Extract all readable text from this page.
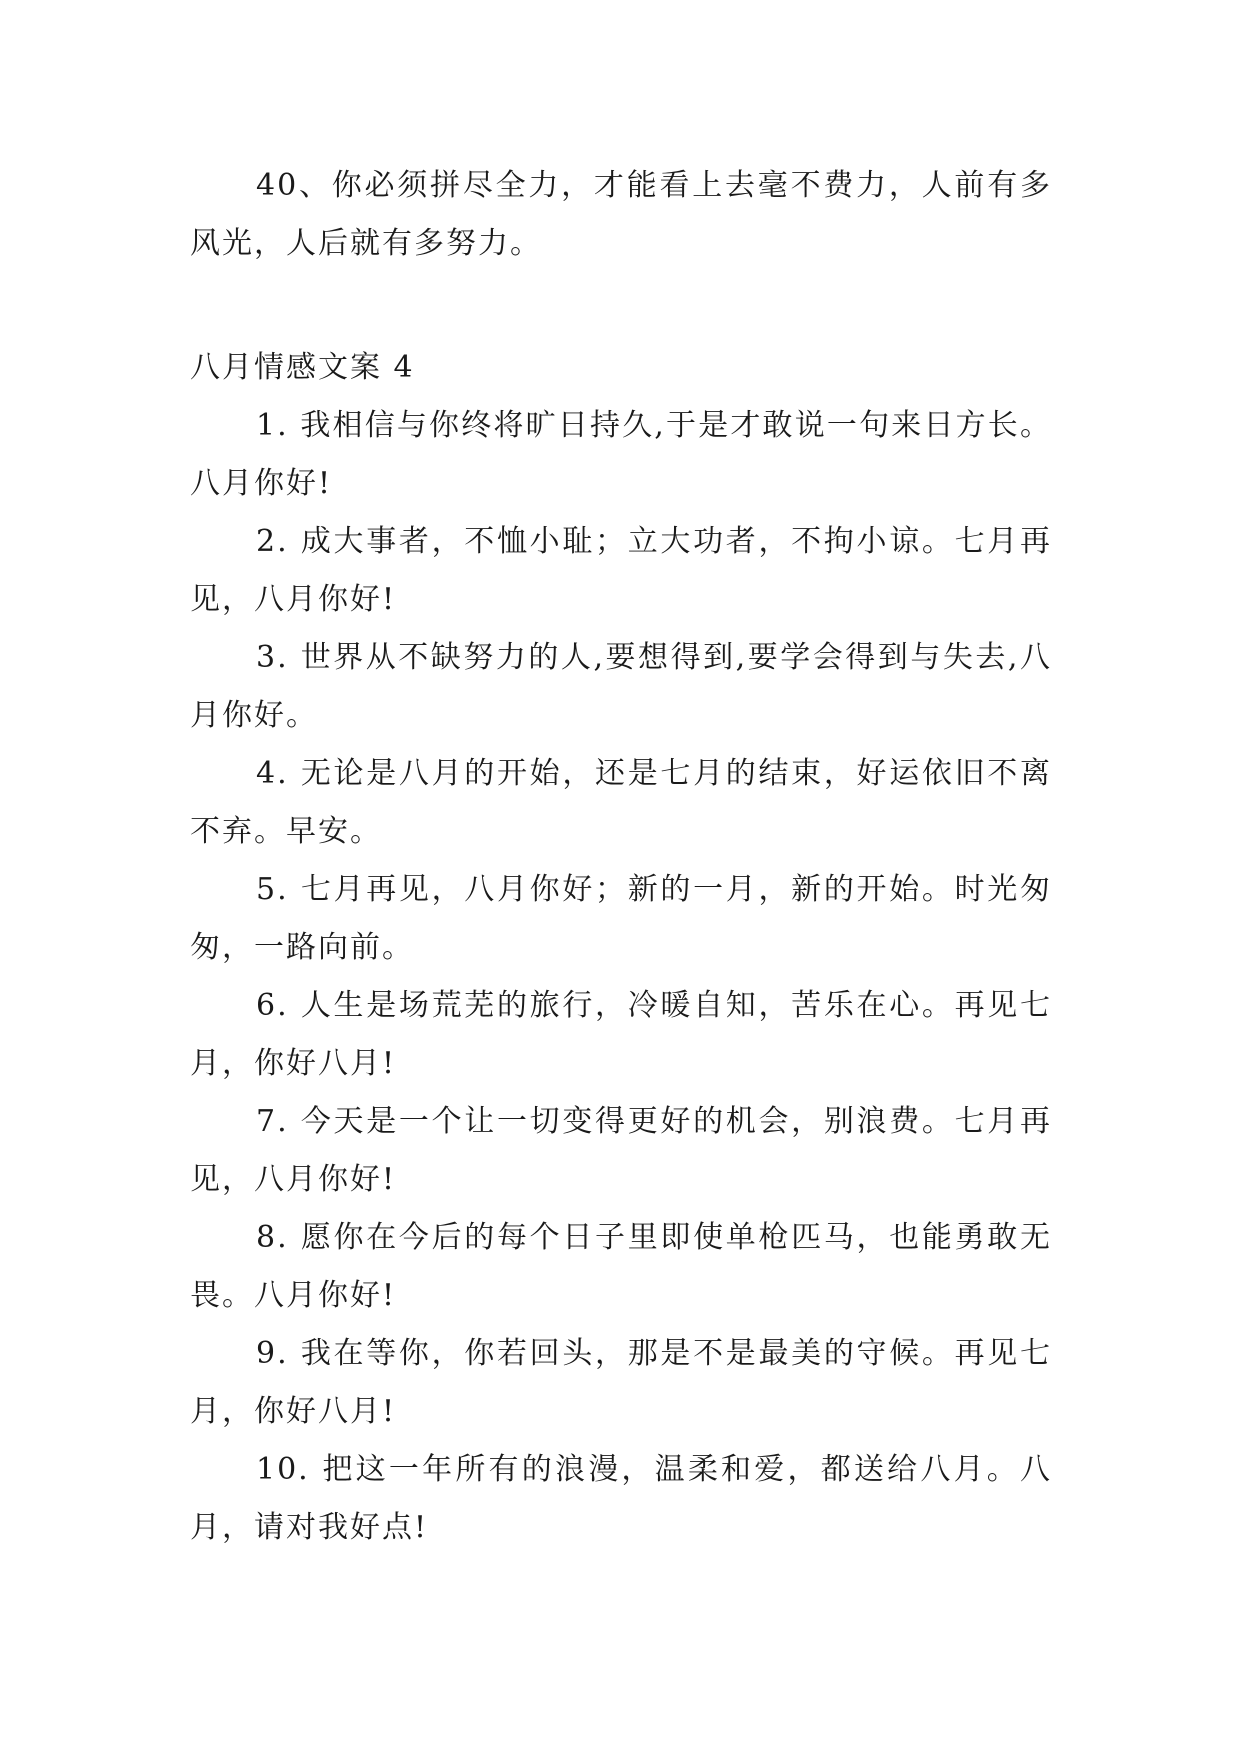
40、你必须拼尽全力，才能看上去毫不费力，人前有多风光，人后就有多努力。

八月情感文案 4

1. 我相信与你终将旷日持久,于是才敢说一句来日方长。八月你好!

2. 成大事者，不恤小耻；立大功者，不拘小谅。七月再见，八月你好!

3. 世界从不缺努力的人,要想得到,要学会得到与失去,八月你好。

4. 无论是八月的开始，还是七月的结束，好运依旧不离不弃。早安。

5. 七月再见，八月你好；新的一月，新的开始。时光匆匆，一路向前。

6. 人生是场荒芜的旅行，冷暖自知，苦乐在心。再见七月，你好八月!

7. 今天是一个让一切变得更好的机会，别浪费。七月再见，八月你好!

8. 愿你在今后的每个日子里即使单枪匹马，也能勇敢无畏。八月你好!

9. 我在等你，你若回头，那是不是最美的守候。再见七月，你好八月!

10. 把这一年所有的浪漫，温柔和爱，都送给八月。八月，请对我好点!
